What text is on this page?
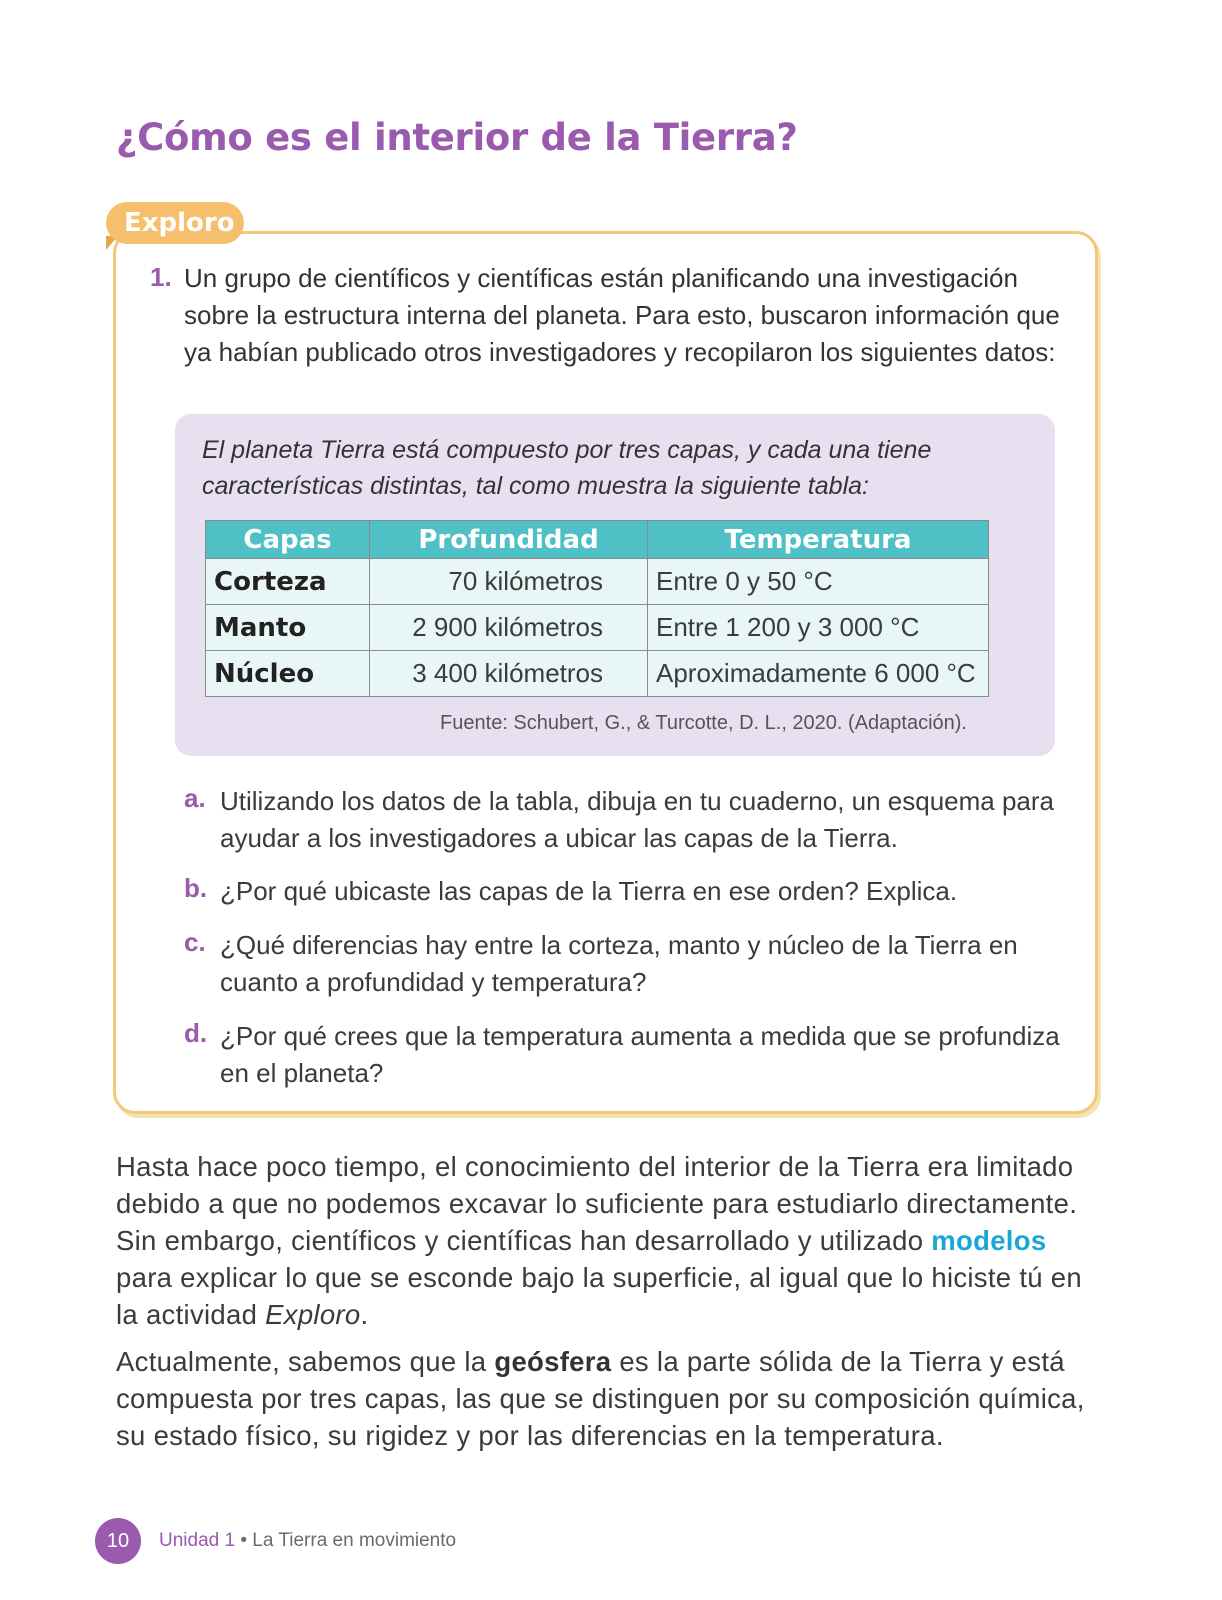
¿Cómo es el interior de la Tierra?
Exploro
1. Un grupo de científicos y científicas están planificando una investigación sobre la estructura interna del planeta. Para esto, buscaron información que ya habían publicado otros investigadores y recopilaron los siguientes datos:

El planeta Tierra está compuesto por tres capas, y cada una tiene características distintas, tal como muestra la siguiente tabla:

Capas	Profundidad	Temperatura
Corteza	70 kilómetros	Entre 0 y 50 °C
Manto	2 900 kilómetros	Entre 1 200 y 3 000 °C
Núcleo	3 400 kilómetros	Aproximadamente 6 000 °C

Fuente: Schubert, G., & Turcotte, D. L., 2020. (Adaptación).

a. Utilizando los datos de la tabla, dibuja en tu cuaderno, un esquema para ayudar a los investigadores a ubicar las capas de la Tierra.

b. ¿Por qué ubicaste las capas de la Tierra en ese orden? Explica.

c. ¿Qué diferencias hay entre la corteza, manto y núcleo de la Tierra en cuanto a profundidad y temperatura?

d. ¿Por qué crees que la temperatura aumenta a medida que se profundiza en el planeta?

Hasta hace poco tiempo, el conocimiento del interior de la Tierra era limitado debido a que no podemos excavar lo suficiente para estudiarlo directamente. Sin embargo, científicos y científicas han desarrollado y utilizado modelos para explicar lo que se esconde bajo la superficie, al igual que lo hiciste tú en la actividad Exploro.

Actualmente, sabemos que la geósfera es la parte sólida de la Tierra y está compuesta por tres capas, las que se distinguen por su composición química, su estado físico, su rigidez y por las diferencias en la temperatura.

10	Unidad 1 • La Tierra en movimiento
